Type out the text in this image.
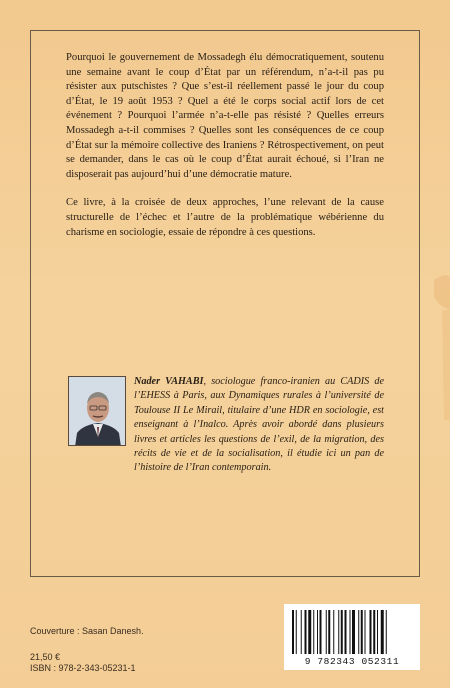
Pourquoi le gouvernement de Mossadegh élu démocratiquement, soutenu une semaine avant le coup d’État par un référendum, n’a-t-il pas pu résister aux putschistes ? Que s’est-il réellement passé le jour du coup d’État, le 19 août 1953 ? Quel a été le corps social actif lors de cet événement ? Pourquoi l’armée n’a-t-elle pas résisté ? Quelles erreurs Mossadegh a-t-il commises ? Quelles sont les conséquences de ce coup d’État sur la mémoire collective des Iraniens ? Rétrospectivement, on peut se demander, dans le cas où le coup d’État aurait échoué, si l’Iran ne disposerait pas aujourd’hui d’une démocratie mature.

Ce livre, à la croisée de deux approches, l’une relevant de la cause structurelle de l’échec et l’autre de la problématique wébérienne du charisme en sociologie, essaie de répondre à ces questions.

Nader VAHABI, sociologue franco-iranien au CADIS de l’EHESS à Paris, aux Dynamiques rurales à l’université de Toulouse II Le Mirail, titulaire d’une HDR en sociologie, est enseignant à l’Inalco. Après avoir abordé dans plusieurs livres et articles les questions de l’exil, de la migration, des récits de vie et de la socialisation, il étudie ici un pan de l’histoire de l’Iran contemporain.
Couverture : Sasan Danesh.
21,50 €
ISBN : 978-2-343-05231-1
9 782343 052311
